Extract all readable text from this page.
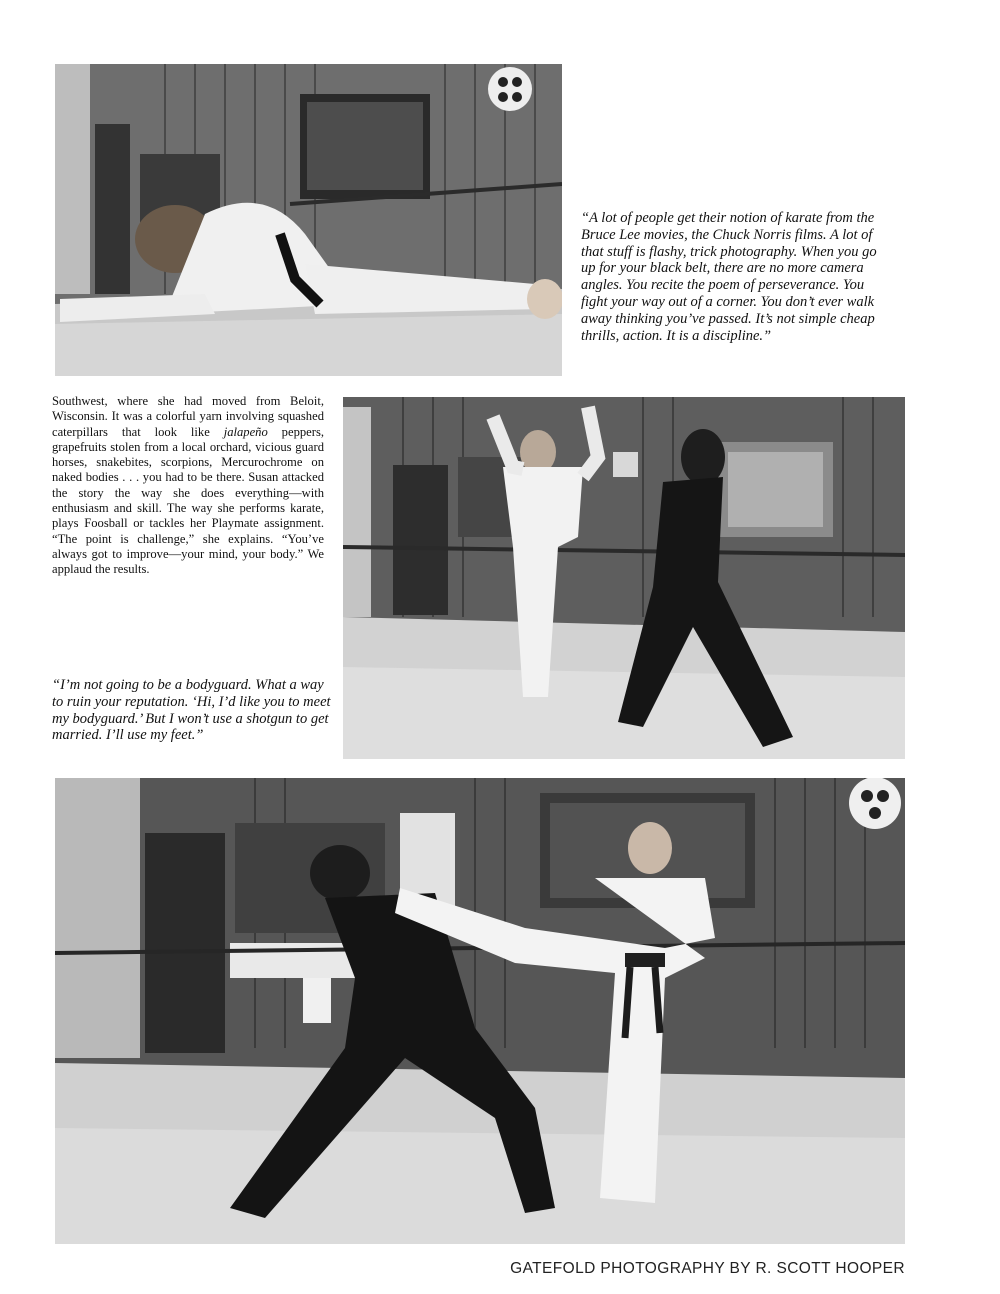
“A lot of people get their notion of karate from the Bruce Lee movies, the Chuck Norris films. A lot of that stuff is flashy, trick photography. When you go up for your black belt, there are no more camera angles. You recite the poem of perseverance. You fight your way out of a corner. You don’t ever walk away thinking you’ve passed. It’s not simple cheap thrills, action. It is a discipline.”

Southwest, where she had moved from Beloit, Wisconsin. It was a colorful yarn involving squashed caterpillars that look like jalapeño peppers, grapefruits stolen from a local orchard, vicious guard horses, snakebites, scorpions, Mercurochrome on naked bodies . . . you had to be there. Susan attacked the story the way she does everything—with enthusiasm and skill. The way she performs karate, plays Foosball or tackles her Playmate assignment. “The point is challenge,” she explains. “You’ve always got to improve—your mind, your body.” We applaud the results.

“I’m not going to be a bodyguard. What a way to ruin your reputation. ‘Hi, I’d like you to meet my bodyguard.’ But I won’t use a shotgun to get married. I’ll use my feet.”
GATEFOLD PHOTOGRAPHY BY R. SCOTT HOOPER
